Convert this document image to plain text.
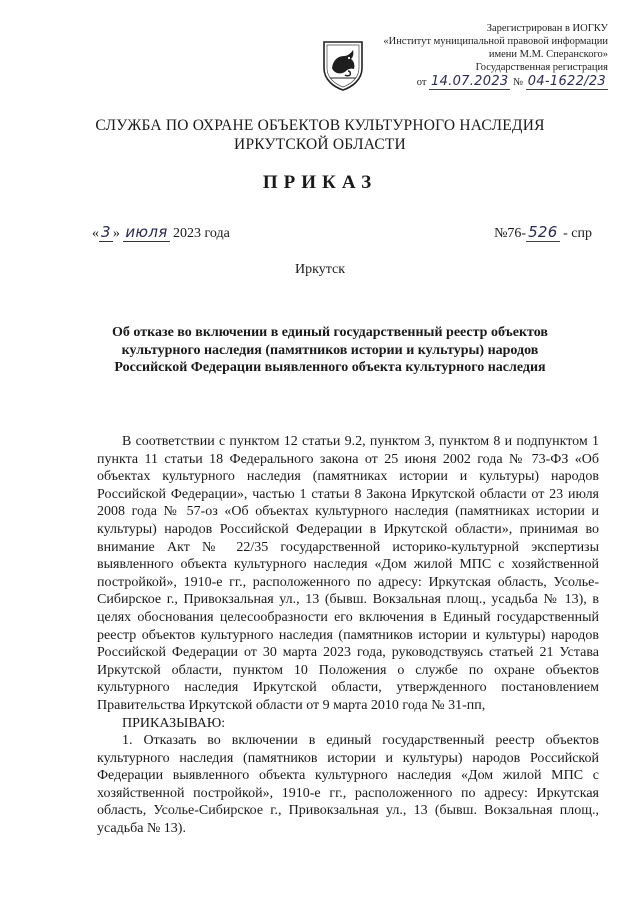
Зарегистрирован в ИОГКУ
«Институт муниципальной правовой информации
имени М.М. Сперанского»
Государственная регистрация
от 14.07.2023 № 04-1622/23
СЛУЖБА ПО ОХРАНЕ ОБЪЕКТОВ КУЛЬТУРНОГО НАСЛЕДИЯ
ИРКУТСКОЙ ОБЛАСТИ
ПРИКАЗ
« 3 » июля 2023 года	№76- 526 - спр
Иркутск
Об отказе во включении в единый государственный реестр объектов
культурного наследия (памятников истории и культуры) народов
Российской Федерации выявленного объекта культурного наследия

В соответствии с пунктом 12 статьи 9.2, пунктом 3, пунктом 8 и подпунктом 1 пункта 11 статьи 18 Федерального закона от 25 июня 2002 года № 73-ФЗ «Об объектах культурного наследия (памятниках истории и культуры) народов Российской Федерации», частью 1 статьи 8 Закона Иркутской области от 23 июля 2008 года № 57-оз «Об объектах культурного наследия (памятниках истории и культуры) народов Российской Федерации в Иркутской области», принимая во внимание Акт № 22/35 государственной историко-культурной экспертизы выявленного объекта культурного наследия «Дом жилой МПС с хозяйственной постройкой», 1910-е гг., расположенного по адресу: Иркутская область, Усолье-Сибирское г., Привокзальная ул., 13 (бывш. Вокзальная площ., усадьба № 13), в целях обоснования целесообразности его включения в Единый государственный реестр объектов культурного наследия (памятников истории и культуры) народов Российской Федерации от 30 марта 2023 года, руководствуясь статьей 21 Устава Иркутской области, пунктом 10 Положения о службе по охране объектов культурного наследия Иркутской области, утвержденного постановлением Правительства Иркутской области от 9 марта 2010 года № 31-пп,

ПРИКАЗЫВАЮ:

1. Отказать во включении в единый государственный реестр объектов культурного наследия (памятников истории и культуры) народов Российской Федерации выявленного объекта культурного наследия «Дом жилой МПС с хозяйственной постройкой», 1910-е гг., расположенного по адресу: Иркутская область, Усолье-Сибирское г., Привокзальная ул., 13 (бывш. Вокзальная площ., усадьба № 13).
